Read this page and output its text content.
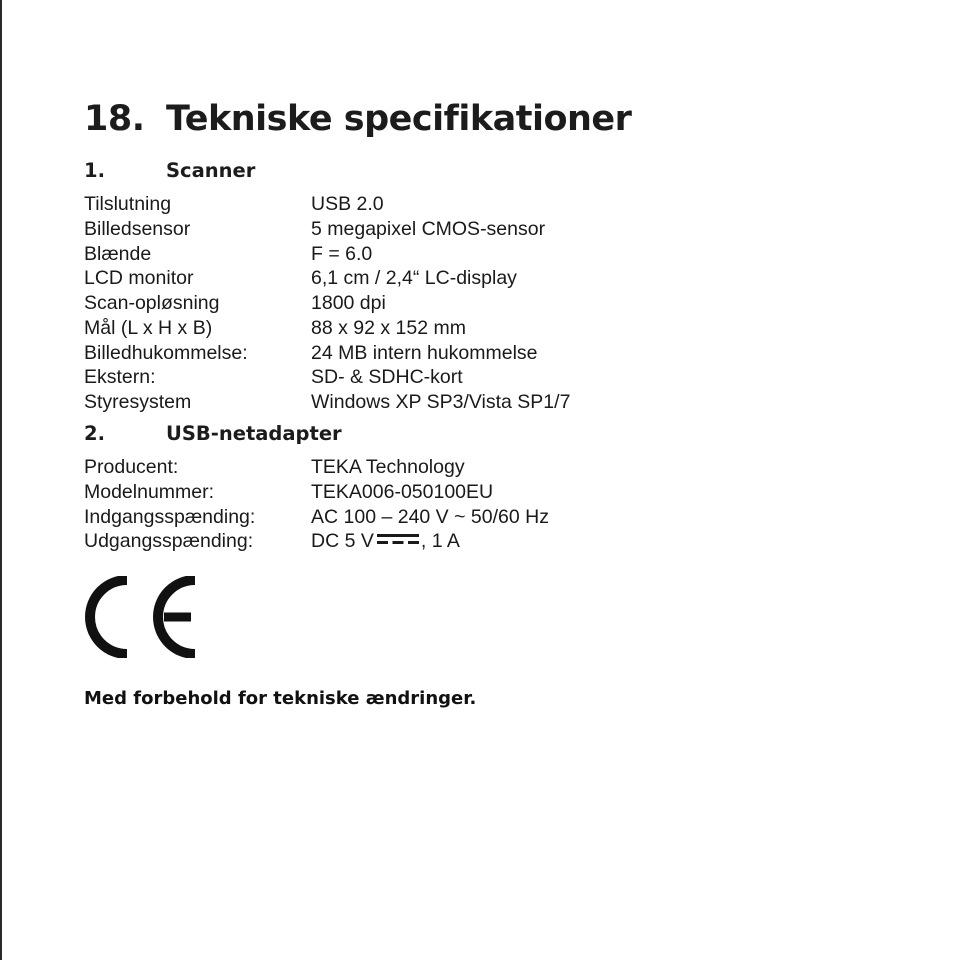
18. Tekniske specifikationer
1.	Scanner
Tilslutning	USB 2.0
Billedsensor	5 megapixel CMOS-sensor
Blænde	F = 6.0
LCD monitor	6,1 cm / 2,4“ LC-display
Scan-opløsning	1800 dpi
Mål (L x H x B)	88 x 92 x 152 mm
Billedhukommelse:	24 MB intern hukommelse
Ekstern:	SD- & SDHC-kort
Styresystem	Windows XP SP3/Vista SP1/7
2.	USB-netadapter
Producent:	TEKA Technology
Modelnummer:	TEKA006-050100EU
Indgangsspænding:	AC 100 – 240 V ~ 50/60 Hz
Udgangsspænding:	DC 5 V , 1 A
Med forbehold for tekniske ændringer.
